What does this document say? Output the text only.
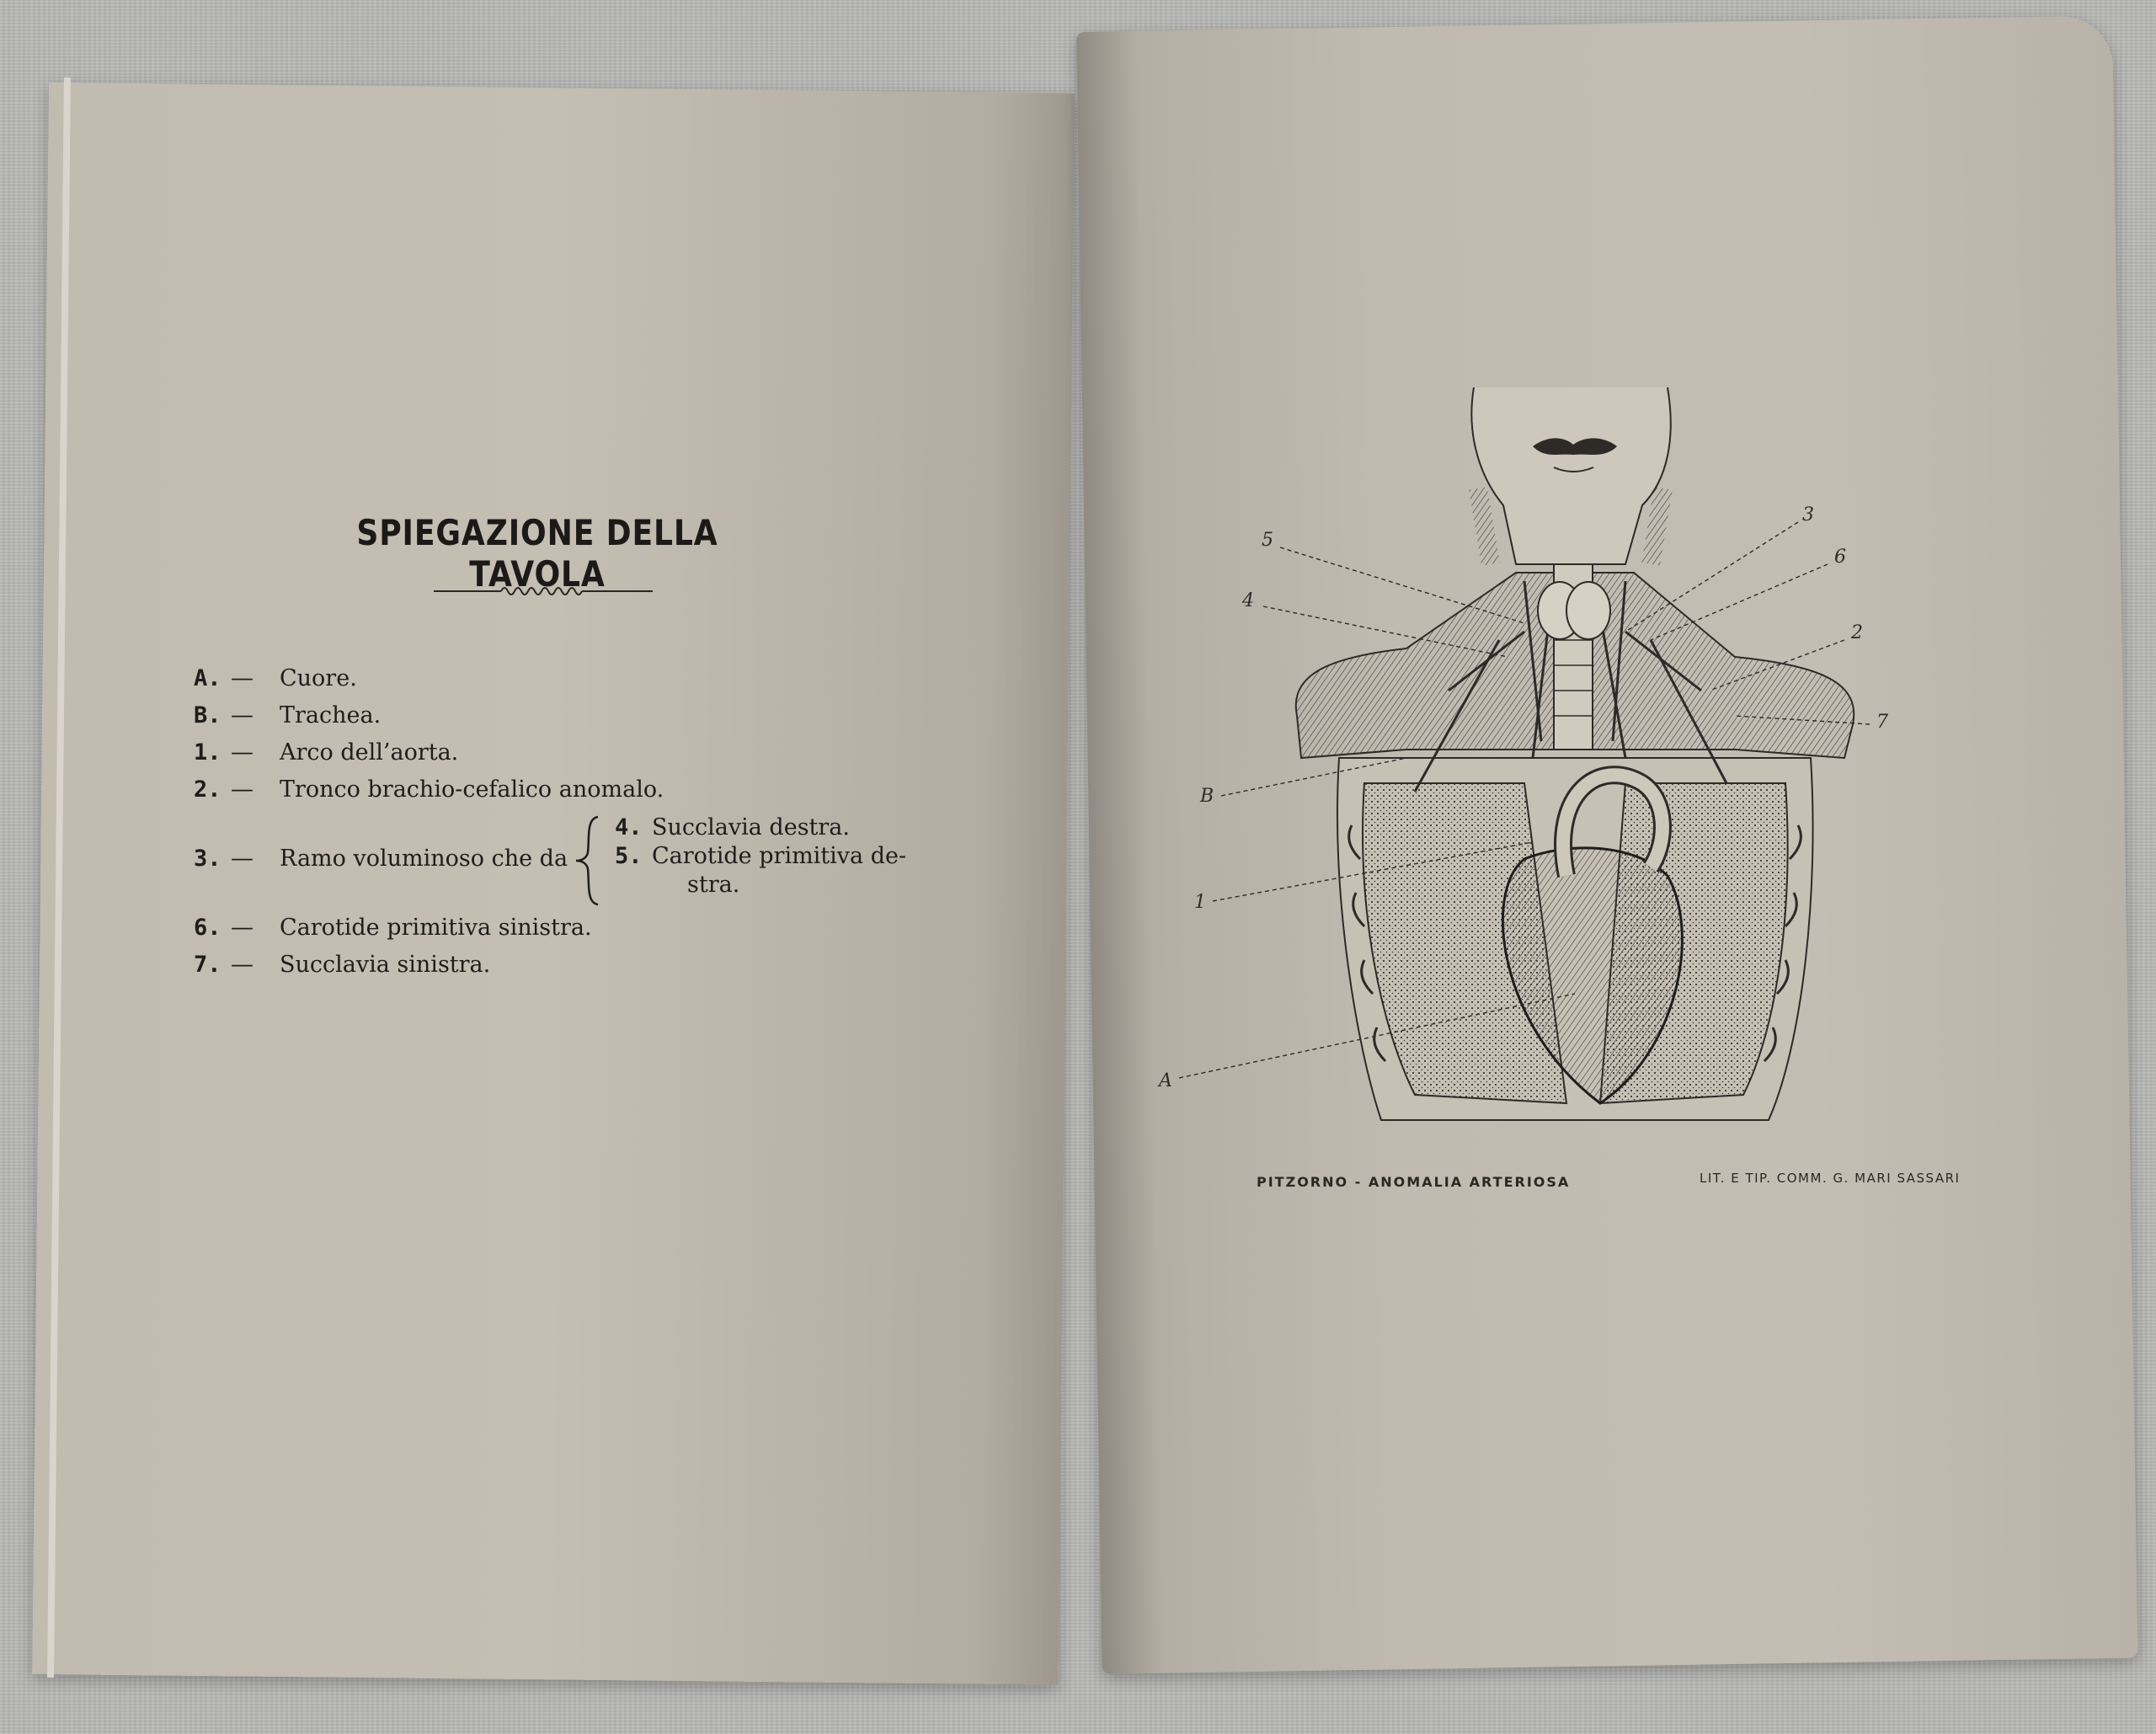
SPIEGAZIONE DELLA TAVOLA
A. — Cuore.
B. — Trachea.
1. — Arco dell’aorta.
2. — Tronco brachio-cefalico anomalo.
3. — Ramo voluminoso che da
4. Succlavia destra.
5. Carotide primitiva de-
stra.
6. — Carotide primitiva sinistra.
7. — Succlavia sinistra.
5
4
3
6
2
7
B
1
A
PITZORNO - ANOMALIA ARTERIOSA	LIT. E TIP. COMM. G. MARI SASSARI
